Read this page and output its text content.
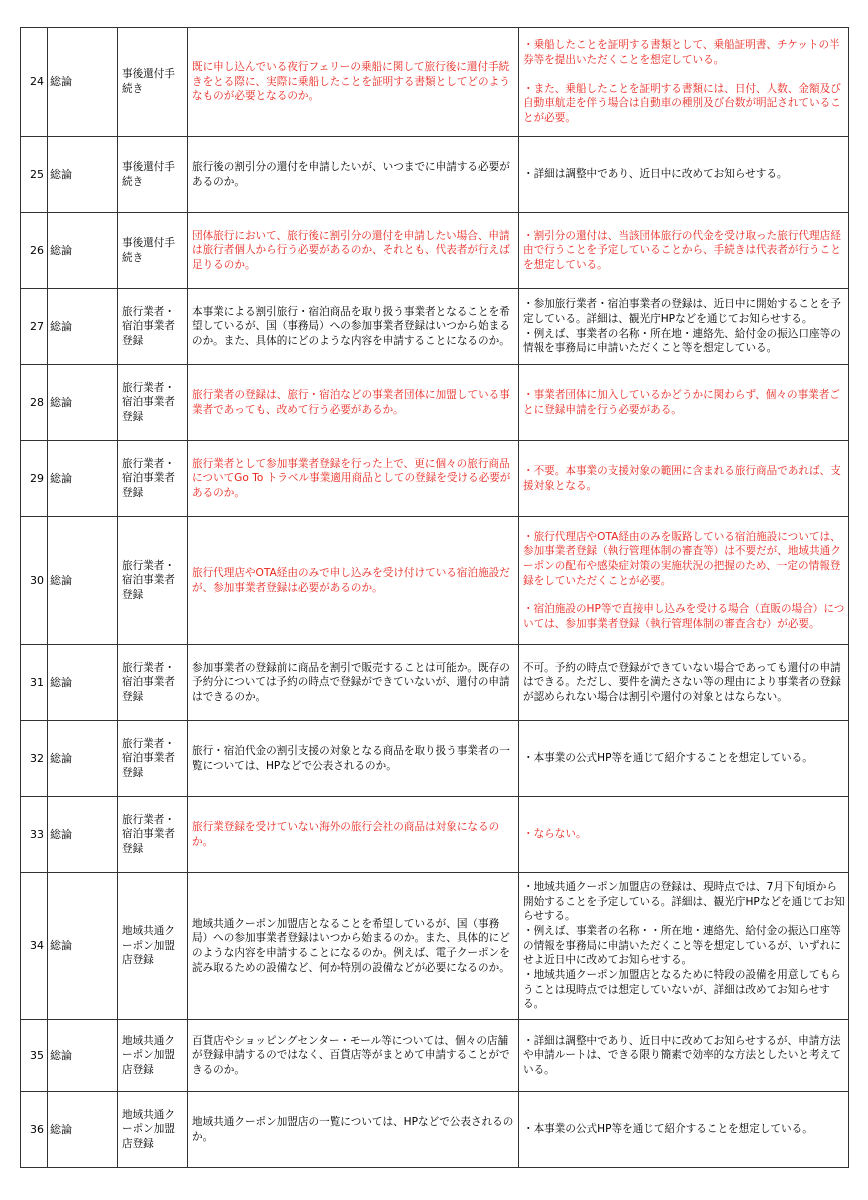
24	総論	事後還付手続き	既に申し込んでいる夜行フェリーの乗船に関して旅行後に還付手続きをとる際に、実際に乗船したことを証明する書類としてどのようなものが必要となるのか。	・乗船したことを証明する書類として、乗船証明書、チケットの半券等を提出いただくことを想定している。
・また、乗船したことを証明する書類には、日付、人数、金額及び自動車航走を伴う場合は自動車の種別及び台数が明記されていることが必要。

25	総論	事後還付手続き	旅行後の割引分の還付を申請したいが、いつまでに申請する必要があるのか。	・詳細は調整中であり、近日中に改めてお知らせする。

26	総論	事後還付手続き	団体旅行において、旅行後に割引分の還付を申請したい場合、申請は旅行者個人から行う必要があるのか、それとも、代表者が行えば足りるのか。	・割引分の還付は、当該団体旅行の代金を受け取った旅行代理店経由で行うことを予定していることから、手続きは代表者が行うことを想定している。

27	総論	旅行業者・宿泊事業者登録	本事業による割引旅行・宿泊商品を取り扱う事業者となることを希望しているが、国（事務局）への参加事業者登録はいつから始まるのか。また、具体的にどのような内容を申請することになるのか。	・参加旅行業者・宿泊事業者の登録は、近日中に開始することを予定している。詳細は、観光庁HPなどを通じてお知らせする。
・例えば、事業者の名称・所在地・連絡先、給付金の振込口座等の情報を事務局に申請いただくこと等を想定している。

28	総論	旅行業者・宿泊事業者登録	旅行業者の登録は、旅行・宿泊などの事業者団体に加盟している事業者であっても、改めて行う必要があるか。	・事業者団体に加入しているかどうかに関わらず、個々の事業者ごとに登録申請を行う必要がある。

29	総論	旅行業者・宿泊事業者登録	旅行業者として参加事業者登録を行った上で、更に個々の旅行商品についてGo To トラベル事業適用商品としての登録を受ける必要があるのか。	・不要。本事業の支援対象の範囲に含まれる旅行商品であれば、支援対象となる。

30	総論	旅行業者・宿泊事業者登録	旅行代理店やOTA経由のみで申し込みを受け付けている宿泊施設だが、参加事業者登録は必要があるのか。	・旅行代理店やOTA経由のみを販路している宿泊施設については、参加事業者登録（執行管理体制の審査等）は不要だが、地域共通クーポンの配布や感染症対策の実施状況の把握のため、一定の情報登録をしていただくことが必要。
・宿泊施設のHP等で直接申し込みを受ける場合（直販の場合）については、参加事業者登録（執行管理体制の審査含む）が必要。

31	総論	旅行業者・宿泊事業者登録	参加事業者の登録前に商品を割引で販売することは可能か。既存の予約分については予約の時点で登録ができていないが、還付の申請はできるのか。	不可。予約の時点で登録ができていない場合であっても還付の申請はできる。ただし、要件を満たさない等の理由により事業者の登録が認められない場合は割引や還付の対象とはならない。

32	総論	旅行業者・宿泊事業者登録	旅行・宿泊代金の割引支援の対象となる商品を取り扱う事業者の一覧については、HPなどで公表されるのか。	・本事業の公式HP等を通じて紹介することを想定している。

33	総論	旅行業者・宿泊事業者登録	旅行業登録を受けていない海外の旅行会社の商品は対象になるのか。	・ならない。

34	総論	地域共通クーポン加盟店登録	地域共通クーポン加盟店となることを希望しているが、国（事務局）への参加事業者登録はいつから始まるのか。また、具体的にどのような内容を申請することになるのか。例えば、電子クーポンを読み取るための設備など、何か特別の設備などが必要になるのか。	・地域共通クーポン加盟店の登録は、現時点では、7月下旬頃から開始することを予定している。詳細は、観光庁HPなどを通じてお知らせする。
・例えば、事業者の名称・・所在地・連絡先、給付金の振込口座等の情報を事務局に申請いただくこと等を想定しているが、いずれにせよ近日中に改めてお知らせする。
・地域共通クーポン加盟店となるために特段の設備を用意してもらうことは現時点では想定していないが、詳細は改めてお知らせする。

35	総論	地域共通クーポン加盟店登録	百貨店やショッピングセンター・モール等については、個々の店舗が登録申請するのではなく、百貨店等がまとめて申請することができるのか。	・詳細は調整中であり、近日中に改めてお知らせするが、申請方法や申請ルートは、できる限り簡素で効率的な方法としたいと考えている。

36	総論	地域共通クーポン加盟店登録	地域共通クーポン加盟店の一覧については、HPなどで公表されるのか。	・本事業の公式HP等を通じて紹介することを想定している。
